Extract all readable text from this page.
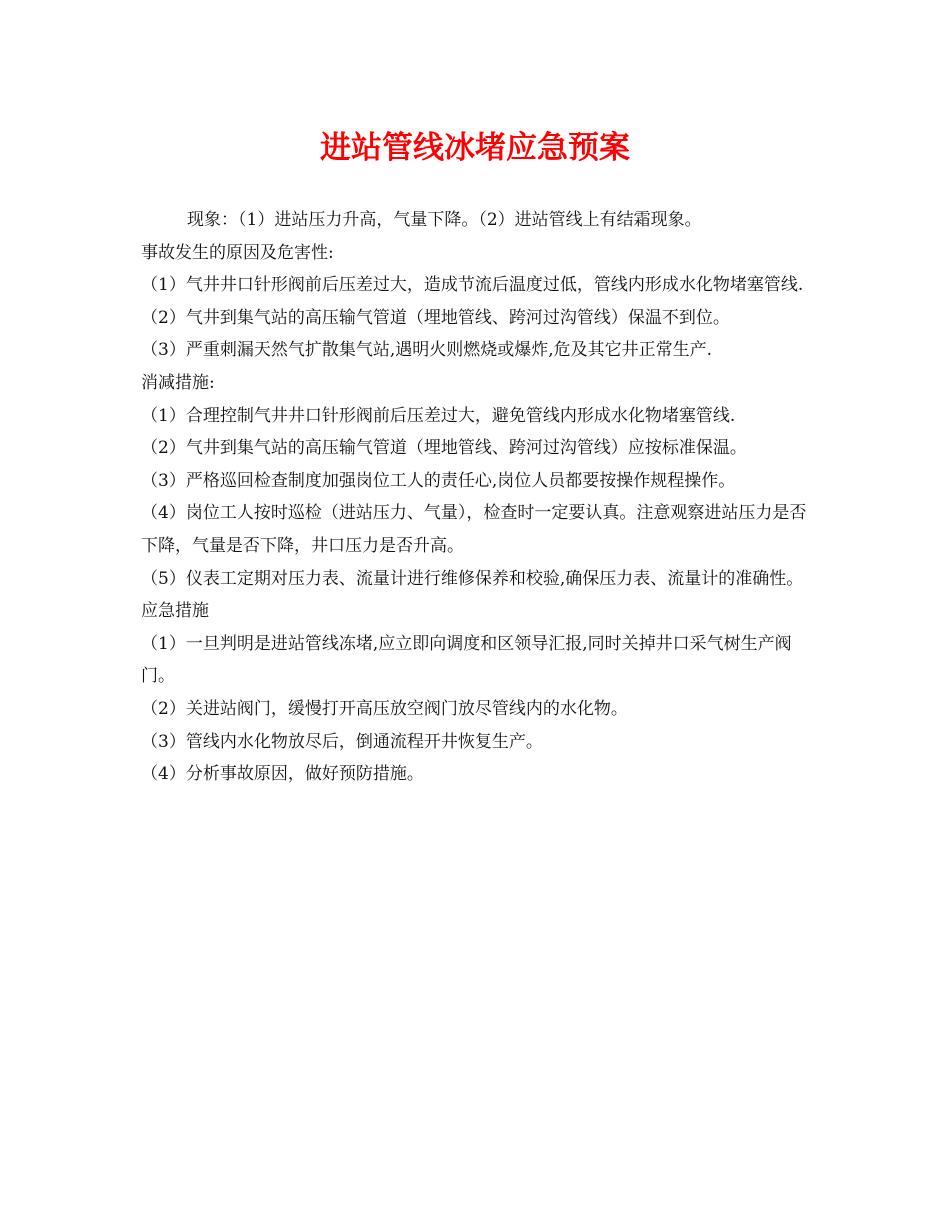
进站管线冰堵应急预案

现象：（1）进站压力升高，气量下降。（2）进站管线上有结霜现象。

事故发生的原因及危害性:

（1）气井井口针形阀前后压差过大，造成节流后温度过低，管线内形成水化物堵塞管线.

（2）气井到集气站的高压输气管道（埋地管线、跨河过沟管线）保温不到位。

（3）严重刺漏天然气扩散集气站,遇明火则燃烧或爆炸,危及其它井正常生产.

消减措施:

（1）合理控制气井井口针形阀前后压差过大，避免管线内形成水化物堵塞管线.

（2）气井到集气站的高压输气管道（埋地管线、跨河过沟管线）应按标准保温。

（3）严格巡回检查制度加强岗位工人的责任心,岗位人员都要按操作规程操作。

（4）岗位工人按时巡检（进站压力、气量），检查时一定要认真。注意观察进站压力是否下降，气量是否下降，井口压力是否升高。

（5）仪表工定期对压力表、流量计进行维修保养和校验,确保压力表、流量计的准确性。

应急措施

（1）一旦判明是进站管线冻堵,应立即向调度和区领导汇报,同时关掉井口采气树生产阀门。

（2）关进站阀门，缓慢打开高压放空阀门放尽管线内的水化物。

（3）管线内水化物放尽后，倒通流程开井恢复生产。

（4）分析事故原因，做好预防措施。
